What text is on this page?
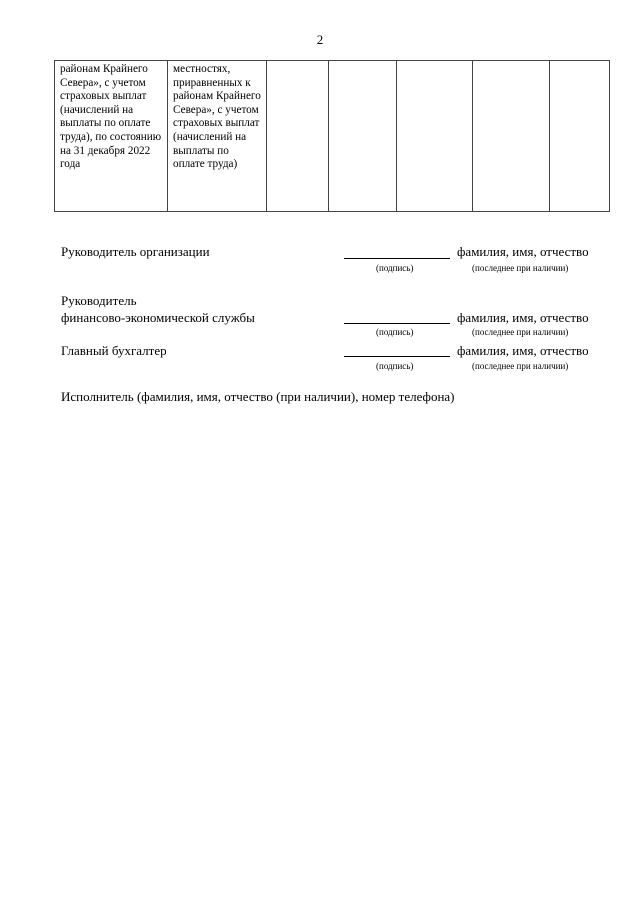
2
районам Крайнего Севера», с учетом страховых выплат (начислений на выплаты по оплате труда), по состоянию на 31 декабря 2022 года	местностях, приравненных к районам Крайнего Севера», с учетом страховых выплат (начислений на выплаты по оплате труда)					
Руководитель организации	фамилия, имя, отчество
(подпись)	(последнее при наличии)
Руководитель
финансово-экономической службы	фамилия, имя, отчество
(подпись)	(последнее при наличии)
Главный бухгалтер	фамилия, имя, отчество
(подпись)	(последнее при наличии)
Исполнитель (фамилия, имя, отчество (при наличии), номер телефона)
